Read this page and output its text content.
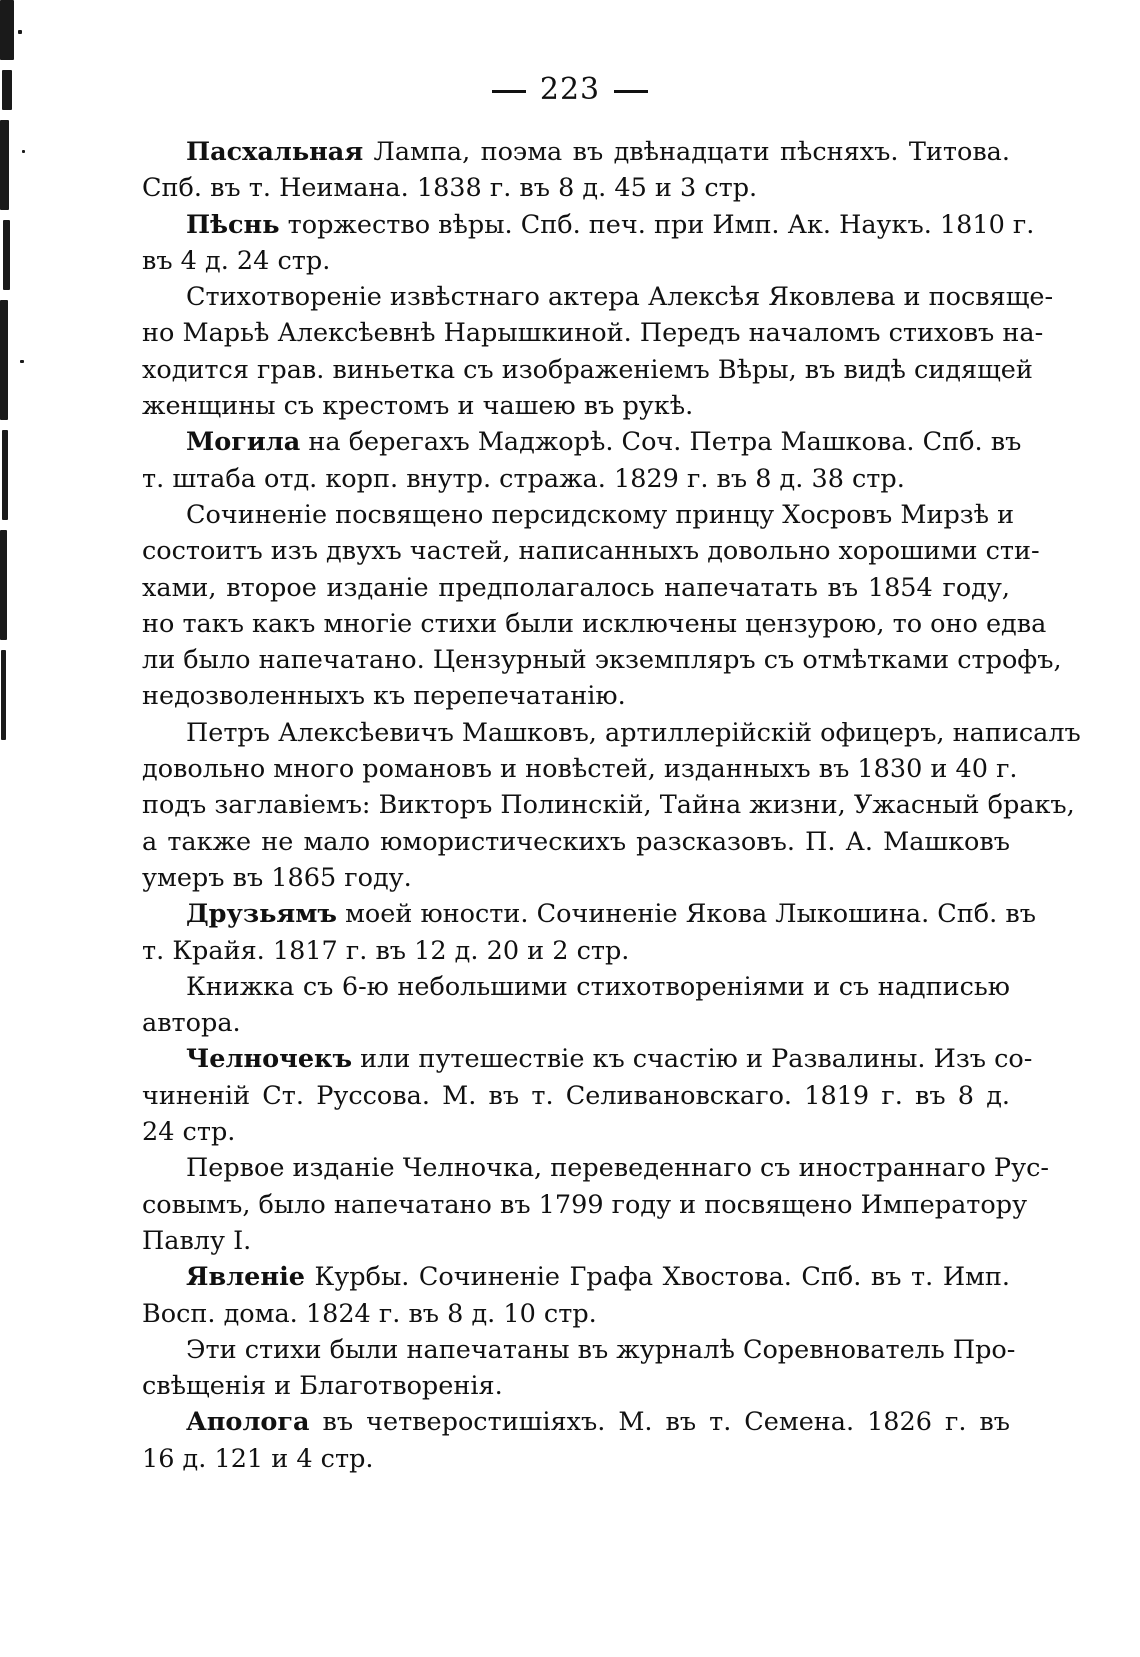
223
Пасхальная Лампа, поэма въ двѣнадцати пѣсняхъ. Титова.
Спб. въ т. Неимана. 1838 г. въ 8 д. 45 и 3 стр.
Пѣснь торжество вѣры. Спб. печ. при Имп. Ак. Наукъ. 1810 г.
въ 4 д. 24 стр.
Стихотвореніе извѣстнаго актера Алексѣя Яковлева и посвяще-
но Марьѣ Алексѣевнѣ Нарышкиной. Передъ началомъ стиховъ на-
ходится грав. виньетка съ изображеніемъ Вѣры, въ видѣ сидящей
женщины съ крестомъ и чашею въ рукѣ.
Могила на берегахъ Маджорѣ. Соч. Петра Машкова. Спб. въ
т. штаба отд. корп. внутр. стража. 1829 г. въ 8 д. 38 стр.
Сочиненіе посвящено персидскому принцу Хосровъ Мирзѣ и
состоитъ изъ двухъ частей, написанныхъ довольно хорошими сти-
хами, второе изданіе предполагалось напечатать въ 1854 году,
но такъ какъ многіе стихи были исключены цензурою, то оно едва
ли было напечатано. Цензурный экземпляръ съ отмѣтками строфъ,
недозволенныхъ къ перепечатанію.
Петръ Алексѣевичъ Машковъ, артиллерійскій офицеръ, написалъ
довольно много романовъ и новѣстей, изданныхъ въ 1830 и 40 г.
подъ заглавіемъ: Викторъ Полинскій, Тайна жизни, Ужасный бракъ,
а также не мало юмористическихъ разсказовъ. П. А. Машковъ
умеръ въ 1865 году.
Друзьямъ моей юности. Сочиненіе Якова Лыкошина. Спб. въ
т. Крайя. 1817 г. въ 12 д. 20 и 2 стр.
Книжка съ 6-ю небольшими стихотвореніями и съ надписью
автора.
Челночекъ или путешествіе къ счастію и Развалины. Изъ со-
чиненій Ст. Руссова. М. въ т. Селивановскаго. 1819 г. въ 8 д.
24 стр.
Первое изданіе Челночка, переведеннаго съ иностраннаго Рус-
совымъ, было напечатано въ 1799 году и посвящено Императору
Павлу I.
Явленіе Курбы. Сочиненіе Графа Хвостова. Спб. въ т. Имп.
Восп. дома. 1824 г. въ 8 д. 10 стр.
Эти стихи были напечатаны въ журналѣ Соревнователь Про-
свѣщенія и Благотворенія.
Аполога въ четверостишіяхъ. М. въ т. Семена. 1826 г. въ
16 д. 121 и 4 стр.
